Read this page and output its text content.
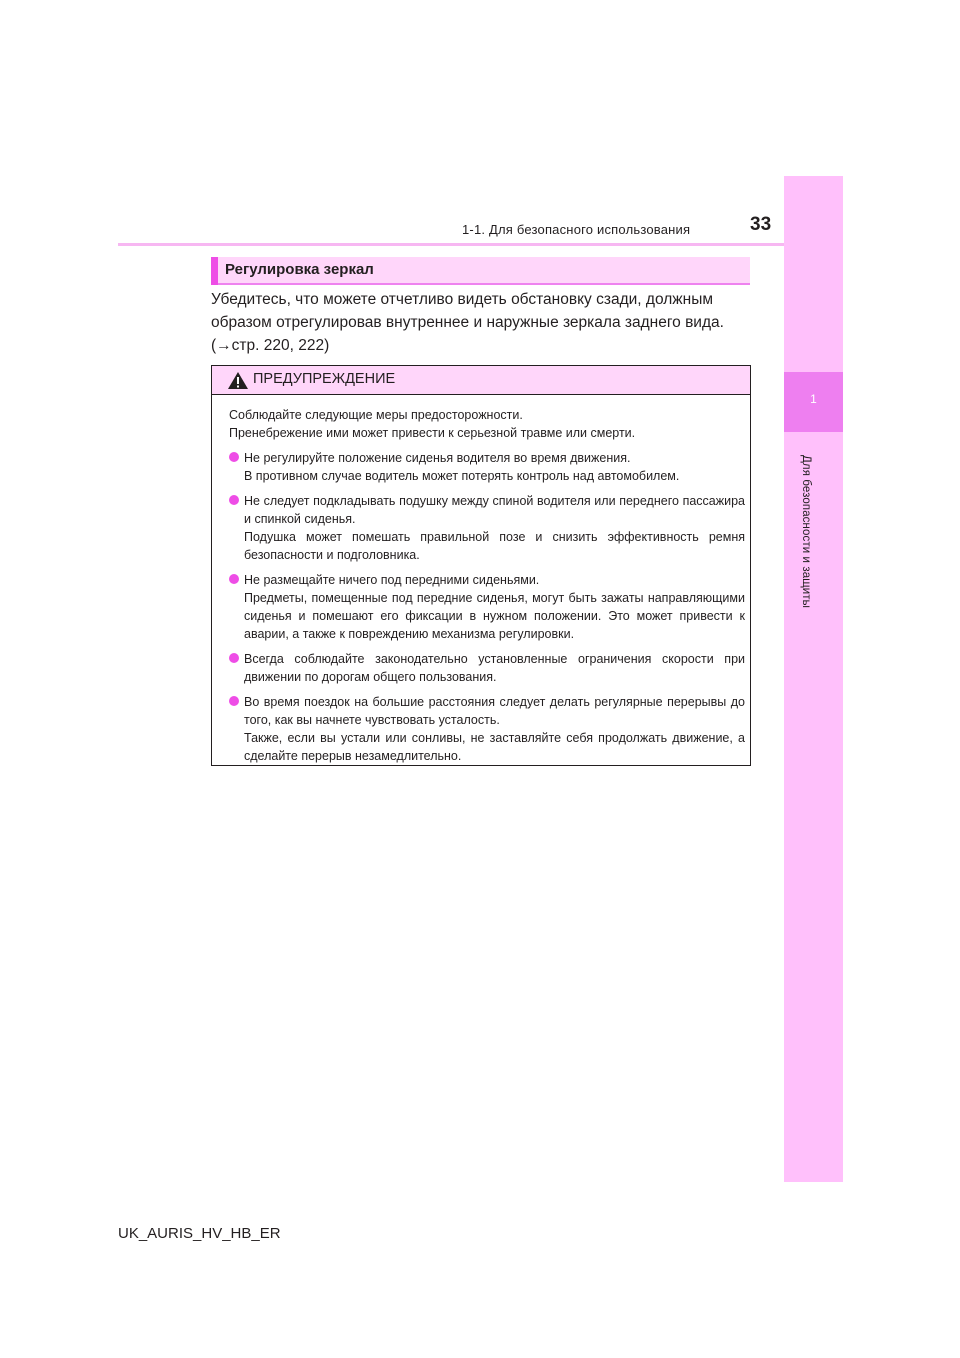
1-1. Для безопасного использования	33
1
Для безопасности и защиты
Регулировка зеркал
Убедитесь, что можете отчетливо видеть обстановку сзади, должным
образом отрегулировав внутреннее и наружные зеркала заднего вида.
(→стр. 220, 222)
ПРЕДУПРЕЖДЕНИЕ

Соблюдайте следующие меры предосторожности.

Пренебрежение ими может привести к серьезной травме или смерти.

Не регулируйте положение сиденья водителя во время движения.

В противном случае водитель может потерять контроль над автомобилем.

Не следует подкладывать подушку между спиной водителя или переднего пассажира и спинкой сиденья.

Подушка может помешать правильной позе и снизить эффективность ремня безопасности и подголовника.

Не размещайте ничего под передними сиденьями.

Предметы, помещенные под передние сиденья, могут быть зажаты направляющими сиденья и помешают его фиксации в нужном положении. Это может привести к аварии, а также к повреждению механизма регулировки.

Всегда соблюдайте законодательно установленные ограничения скорости при движении по дорогам общего пользования.

Во время поездок на большие расстояния следует делать регулярные перерывы до того, как вы начнете чувствовать усталость.

Также, если вы устали или сонливы, не заставляйте себя продолжать движение, а сделайте перерыв незамедлительно.

UK_AURIS_HV_HB_ER
